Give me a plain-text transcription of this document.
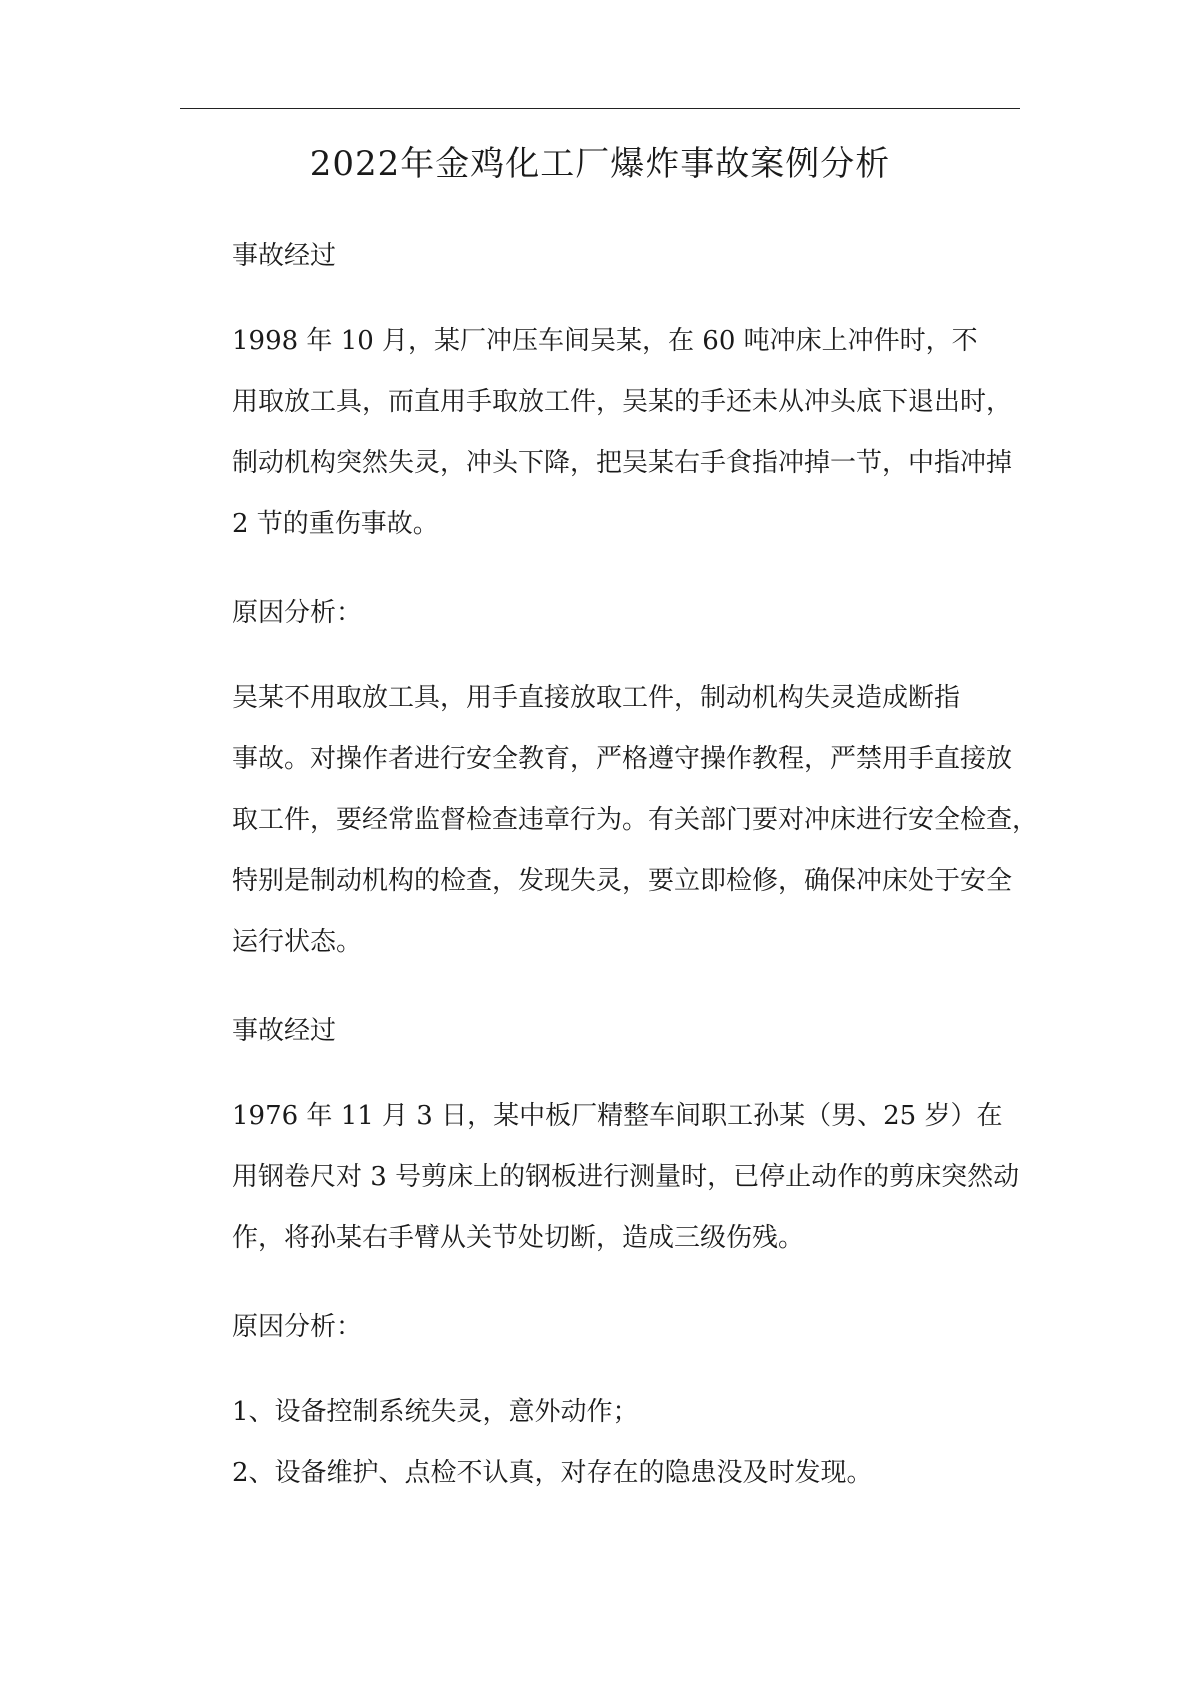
2022年金鸡化工厂爆炸事故案例分析

事故经过

1998 年 10 月，某厂冲压车间吴某，在 60 吨冲床上冲件时，不
用取放工具，而直用手取放工件，吴某的手还未从冲头底下退出时，
制动机构突然失灵，冲头下降，把吴某右手食指冲掉一节，中指冲掉
2 节的重伤事故。

原因分析：

吴某不用取放工具，用手直接放取工件，制动机构失灵造成断指
事故。对操作者进行安全教育，严格遵守操作教程，严禁用手直接放
取工件，要经常监督检查违章行为。有关部门要对冲床进行安全检查，
特别是制动机构的检查，发现失灵，要立即检修，确保冲床处于安全
运行状态。

事故经过

1976 年 11 月 3 日，某中板厂精整车间职工孙某（男、25 岁）在
用钢卷尺对 3 号剪床上的钢板进行测量时，已停止动作的剪床突然动
作，将孙某右手臂从关节处切断，造成三级伤残。

原因分析：

1、设备控制系统失灵，意外动作；

2、设备维护、点检不认真，对存在的隐患没及时发现。
